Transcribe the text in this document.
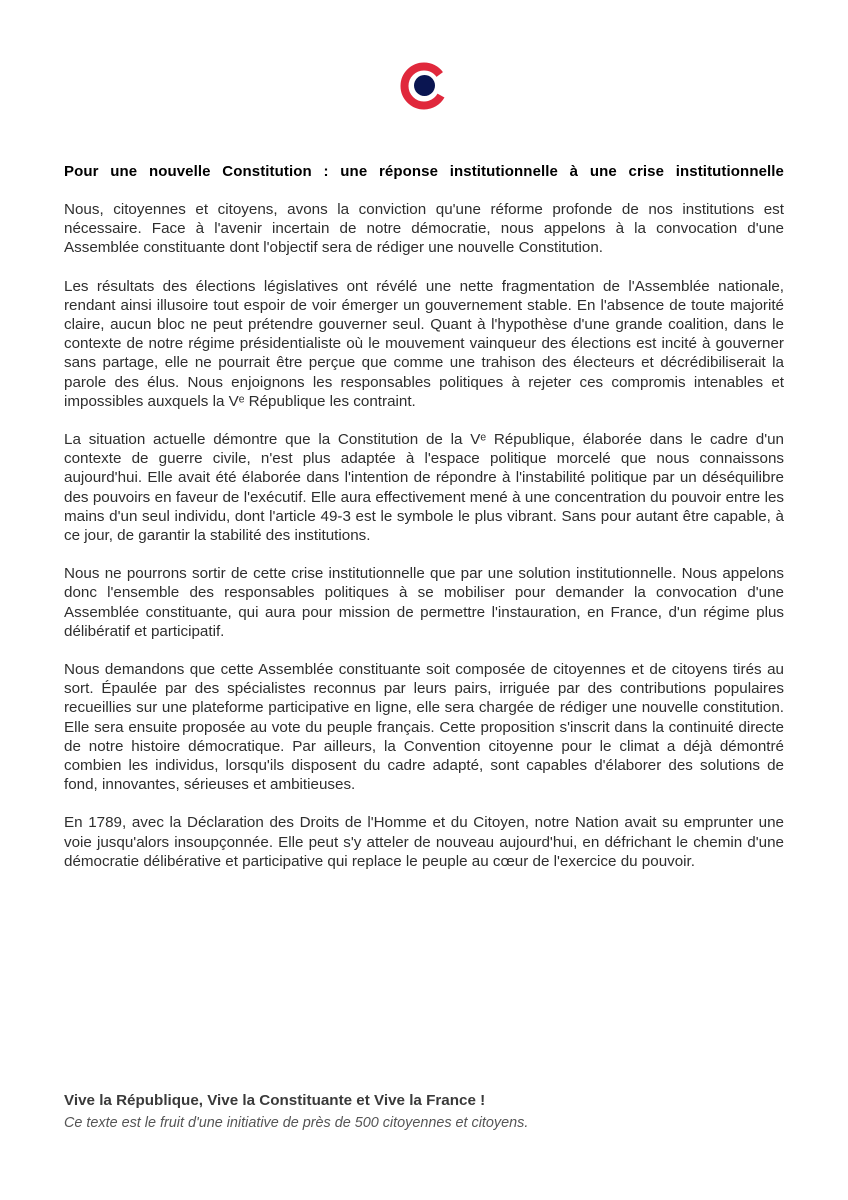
Pour une nouvelle Constitution : une réponse institutionnelle à une crise institutionnelle

Nous, citoyennes et citoyens, avons la conviction qu'une réforme profonde de nos institutions est nécessaire. Face à l'avenir incertain de notre démocratie, nous appelons à la convocation d'une Assemblée constituante dont l'objectif sera de rédiger une nouvelle Constitution.

Les résultats des élections législatives ont révélé une nette fragmentation de l'Assemblée nationale, rendant ainsi illusoire tout espoir de voir émerger un gouvernement stable. En l'absence de toute majorité claire, aucun bloc ne peut prétendre gouverner seul. Quant à l'hypothèse d'une grande coalition, dans le contexte de notre régime présidentialiste où le mouvement vainqueur des élections est incité à gouverner sans partage, elle ne pourrait être perçue que comme une trahison des électeurs et décrédibiliserait la parole des élus. Nous enjoignons les responsables politiques à rejeter ces compromis intenables et impossibles auxquels la Vᵉ République les contraint.

La situation actuelle démontre que la Constitution de la Vᵉ République, élaborée dans le cadre d'un contexte de guerre civile, n'est plus adaptée à l'espace politique morcelé que nous connaissons aujourd'hui. Elle avait été élaborée dans l'intention de répondre à l'instabilité politique par un déséquilibre des pouvoirs en faveur de l'exécutif. Elle aura effectivement mené à une concentration du pouvoir entre les mains d'un seul individu, dont l'article 49-3 est le symbole le plus vibrant. Sans pour autant être capable, à ce jour, de garantir la stabilité des institutions.

Nous ne pourrons sortir de cette crise institutionnelle que par une solution institutionnelle. Nous appelons donc l'ensemble des responsables politiques à se mobiliser pour demander la convocation d'une Assemblée constituante, qui aura pour mission de permettre l'instauration, en France, d'un régime plus délibératif et participatif.

Nous demandons que cette Assemblée constituante soit composée de citoyennes et de citoyens tirés au sort. Épaulée par des spécialistes reconnus par leurs pairs, irriguée par des contributions populaires recueillies sur une plateforme participative en ligne, elle sera chargée de rédiger une nouvelle constitution. Elle sera ensuite proposée au vote du peuple français. Cette proposition s'inscrit dans la continuité directe de notre histoire démocratique. Par ailleurs, la Convention citoyenne pour le climat a déjà démontré combien les individus, lorsqu'ils disposent du cadre adapté, sont capables d'élaborer des solutions de fond, innovantes, sérieuses et ambitieuses.

En 1789, avec la Déclaration des Droits de l'Homme et du Citoyen, notre Nation avait su emprunter une voie jusqu'alors insoupçonnée. Elle peut s'y atteler de nouveau aujourd'hui, en défrichant le chemin d'une démocratie délibérative et participative qui replace le peuple au cœur de l'exercice du pouvoir.

Vive la République, Vive la Constituante et Vive la France !

Ce texte est le fruit d'une initiative de près de 500 citoyennes et citoyens.
